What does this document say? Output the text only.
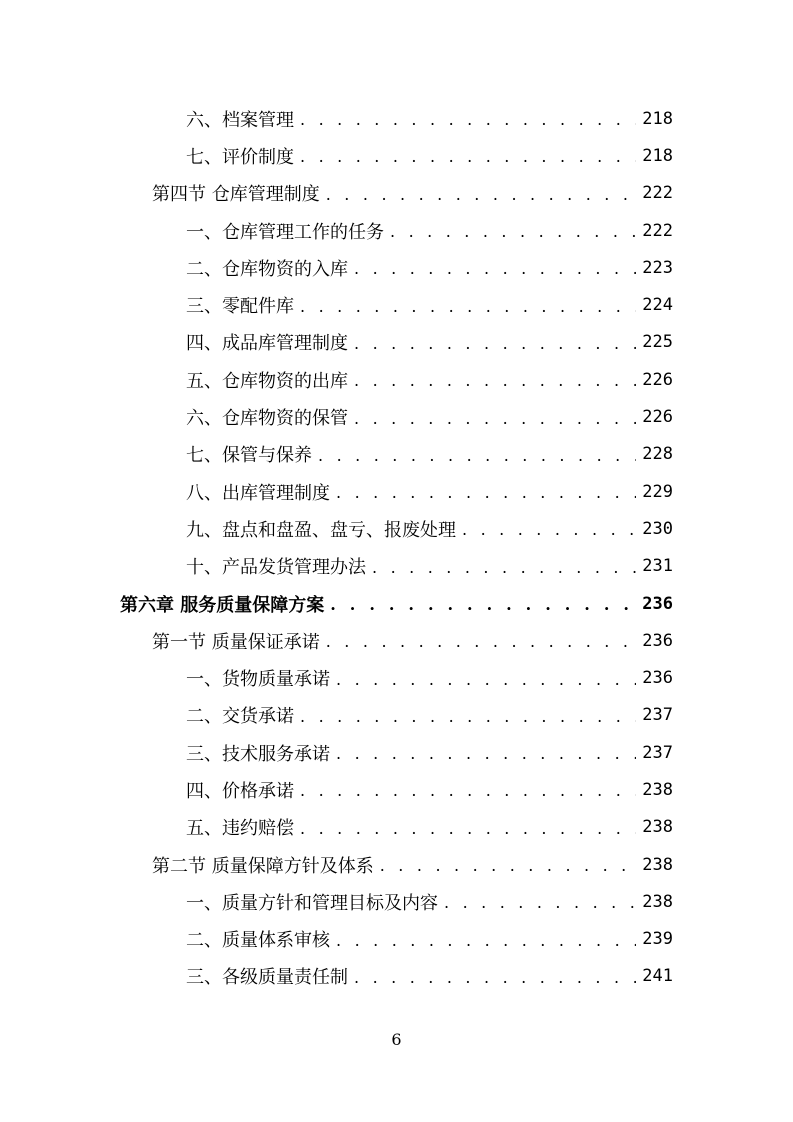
六、档案管理 . . .	218
七、评价制度 . . .	218
第四节 仓库管理制度 . . .	222
一、仓库管理工作的任务 . . .	222
二、仓库物资的入库 . . .	223
三、零配件库 . . .	224
四、成品库管理制度 . . .	225
五、仓库物资的出库 . . .	226
六、仓库物资的保管 . . .	226
七、保管与保养 . . .	228
八、出库管理制度 . . .	229
九、盘点和盘盈、盘亏、报废处理 . . .	230
十、产品发货管理办法 . . .	231
第六章 服务质量保障方案 . . .	236
第一节 质量保证承诺 . . .	236
一、货物质量承诺 . . .	236
二、交货承诺 . . .	237
三、技术服务承诺 . . .	237
四、价格承诺 . . .	238
五、违约赔偿 . . .	238
第二节 质量保障方针及体系 . . .	238
一、质量方针和管理目标及内容 . . .	238
二、质量体系审核 . . .	239
三、各级质量责任制 . . .	241
6
